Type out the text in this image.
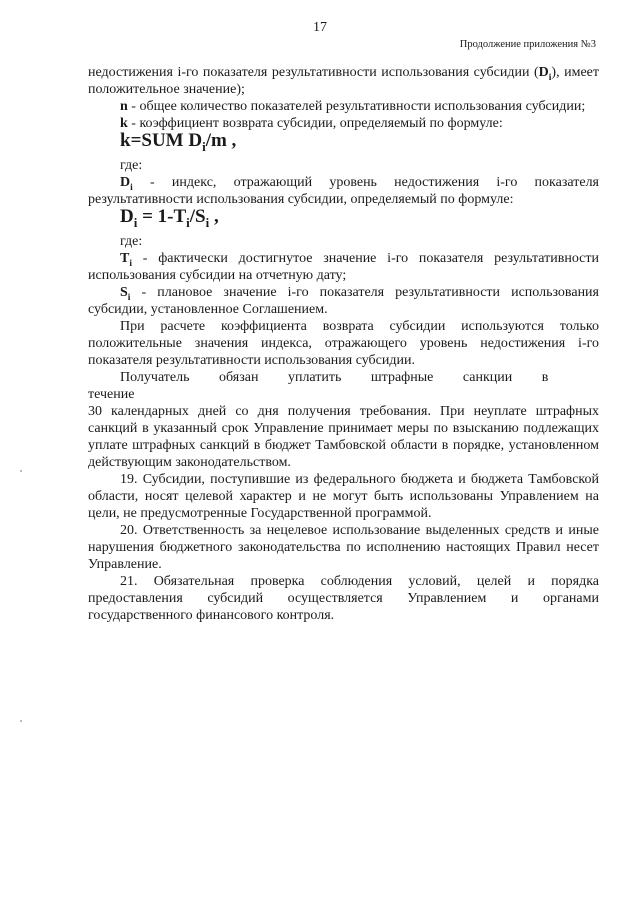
17
Продолжение приложения №3

недостижения i-го показателя результативности использования субсидии $(D_i)$, имеет положительное значение);

n - общее количество показателей результативности использования субсидии;

k - коэффициент возврата субсидии, определяемый по формуле:

k=SUM $D_i/m$ ,

где:

$D_i$ - индекс, отражающий уровень недостижения i-го показателя результативности использования субсидии, определяемый по формуле:

$D_i = 1-T_i/S_i$ ,

где:

$T_i$ - фактически достигнутое значение i-го показателя результативности использования субсидии на отчетную дату;

$S_i$ - плановое значение i-го показателя результативности использования субсидии, установленное Соглашением.

При расчете коэффициента возврата субсидии используются только положительные значения индекса, отражающего уровень недостижения i-го показателя результативности использования субсидии.

Получатель обязан уплатить штрафные санкции в течение

30 календарных дней со дня получения требования. При неуплате штрафных санкций в указанный срок Управление принимает меры по взысканию подлежащих уплате штрафных санкций в бюджет Тамбовской области в порядке, установленном действующим законодательством.

19. Субсидии, поступившие из федерального бюджета и бюджета Тамбовской области, носят целевой характер и не могут быть использованы Управлением на цели, не предусмотренные Государственной программой.

20. Ответственность за нецелевое использование выделенных средств и иные нарушения бюджетного законодательства по исполнению настоящих Правил несет Управление.

21. Обязательная проверка соблюдения условий, целей и порядка предоставления субсидий осуществляется Управлением и органами государственного финансового контроля.
